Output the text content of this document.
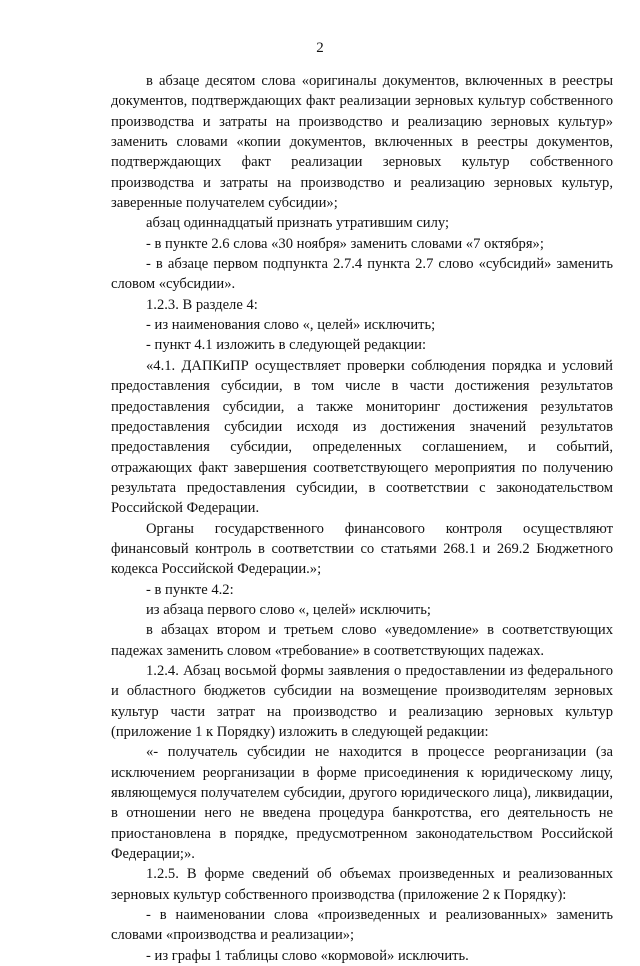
2

в абзаце десятом слова «оригиналы документов, включенных в реестры документов, подтверждающих факт реализации зерновых культур собственного производства и затраты на производство и реализацию зерновых культур» заменить словами «копии документов, включенных в реестры документов, подтверждающих факт реализации зерновых культур собственного производства и затраты на производство и реализацию зерновых культур, заверенные получателем субсидии»;

абзац одиннадцатый признать утратившим силу;

- в пункте 2.6 слова «30 ноября» заменить словами «7 октября»;

- в абзаце первом подпункта 2.7.4 пункта 2.7 слово «субсидий» заменить словом «субсидии».

1.2.3. В разделе 4:

- из наименования слово «, целей» исключить;

- пункт 4.1 изложить в следующей редакции:

«4.1. ДАПКиПР осуществляет проверки соблюдения порядка и условий предоставления субсидии, в том числе в части достижения результатов предоставления субсидии, а также мониторинг достижения результатов предоставления субсидии исходя из достижения значений результатов предоставления субсидии, определенных соглашением, и событий, отражающих факт завершения соответствующего мероприятия по получению результата предоставления субсидии, в соответствии с законодательством Российской Федерации.

Органы государственного финансового контроля осуществляют финансовый контроль в соответствии со статьями 268.1 и 269.2 Бюджетного кодекса Российской Федерации.»;

- в пункте 4.2:

из абзаца первого слово «, целей» исключить;

в абзацах втором и третьем слово «уведомление» в соответствующих падежах заменить словом «требование» в соответствующих падежах.

1.2.4. Абзац восьмой формы заявления о предоставлении из федерального и областного бюджетов субсидии на возмещение производителям зерновых культур части затрат на производство и реализацию зерновых культур (приложение 1 к Порядку) изложить в следующей редакции:

«- получатель субсидии не находится в процессе реорганизации (за исключением реорганизации в форме присоединения к юридическому лицу, являющемуся получателем субсидии, другого юридического лица), ликвидации, в отношении него не введена процедура банкротства, его деятельность не приостановлена в порядке, предусмотренном законодательством Российской Федерации;».

1.2.5. В форме сведений об объемах произведенных и реализованных зерновых культур собственного производства (приложение 2 к Порядку):

- в наименовании слова «произведенных и реализованных» заменить словами «производства и реализации»;

- из графы 1 таблицы слово «кормовой» исключить.
